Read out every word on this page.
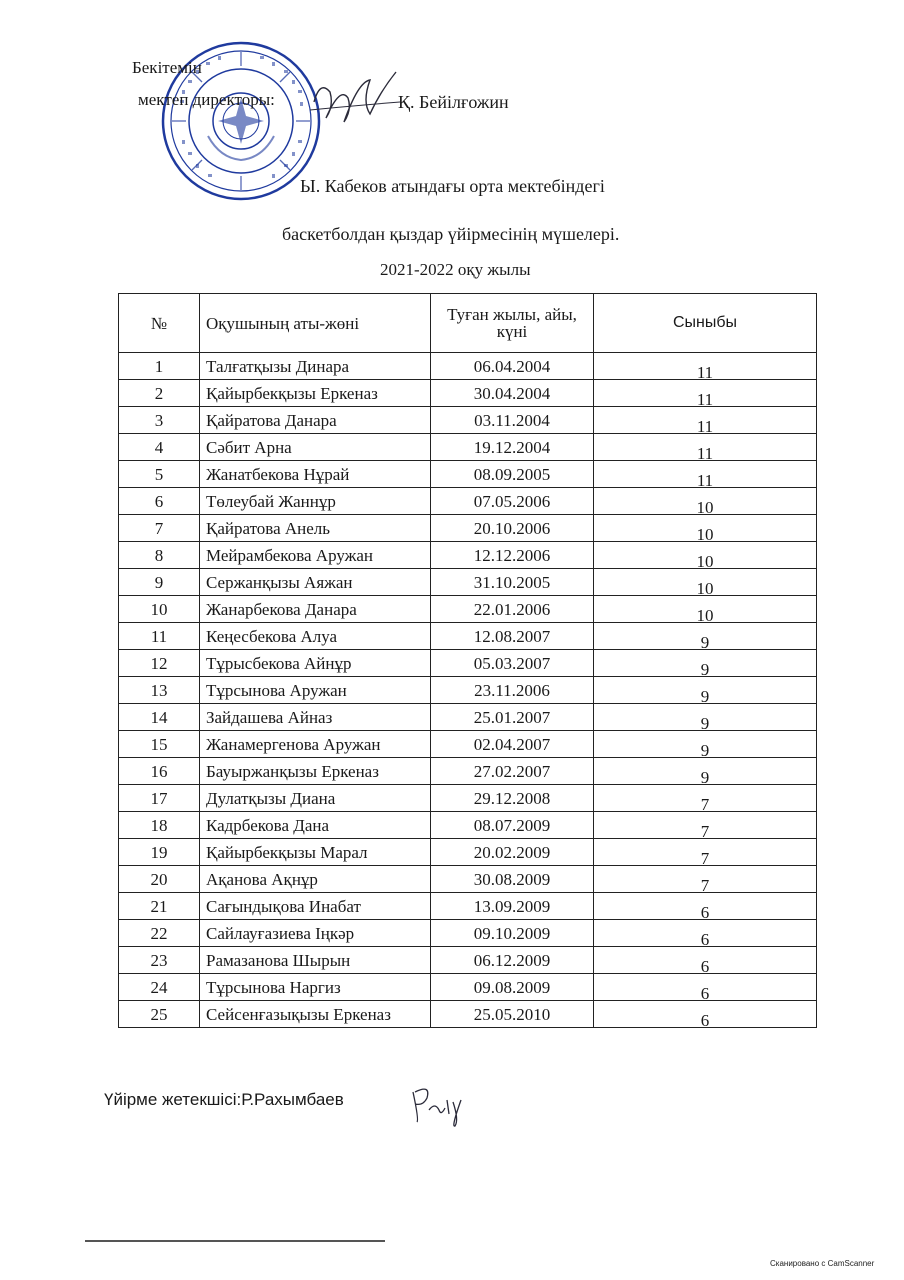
Бекітемін
мектеп директоры:	Қ. Бейілғожин
Ы. Кабеков атындағы орта мектебіндегі
баскетболдан қыздар үйірмесінің мүшелері.
2021-2022 оқу жылы
№	Оқушының аты-жөні	Туған жылы, айы, күні	Сыныбы
1	Талғатқызы Динара	06.04.2004	11
2	Қайырбекқызы Еркеназ	30.04.2004	11
3	Қайратова Данара	03.11.2004	11
4	Сәбит Арна	19.12.2004	11
5	Жанатбекова Нұрай	08.09.2005	11
6	Төлеубай Жаннұр	07.05.2006	10
7	Қайратова Анель	20.10.2006	10
8	Мейрамбекова Аружан	12.12.2006	10
9	Сержанқызы Аяжан	31.10.2005	10
10	Жанарбекова Данара	22.01.2006	10
11	Кеңесбекова Алуа	12.08.2007	9
12	Тұрысбекова Айнұр	05.03.2007	9
13	Тұрсынова Аружан	23.11.2006	9
14	Зайдашева Айназ	25.01.2007	9
15	Жанамергенова Аружан	02.04.2007	9
16	Бауыржанқызы Еркеназ	27.02.2007	9
17	Дулатқызы Диана	29.12.2008	7
18	Кадрбекова Дана	08.07.2009	7
19	Қайырбекқызы Марал	20.02.2009	7
20	Ақанова Ақнұр	30.08.2009	7
21	Сағындықова Инабат	13.09.2009	6
22	Сайлауғазиева Іңкәр	09.10.2009	6
23	Рамазанова Шырын	06.12.2009	6
24	Тұрсынова Наргиз	09.08.2009	6
25	Сейсенғазықызы Еркеназ	25.05.2010	6
Үйірме жетекшісі:Р.Рахымбаев
Сканировано с CamScanner
